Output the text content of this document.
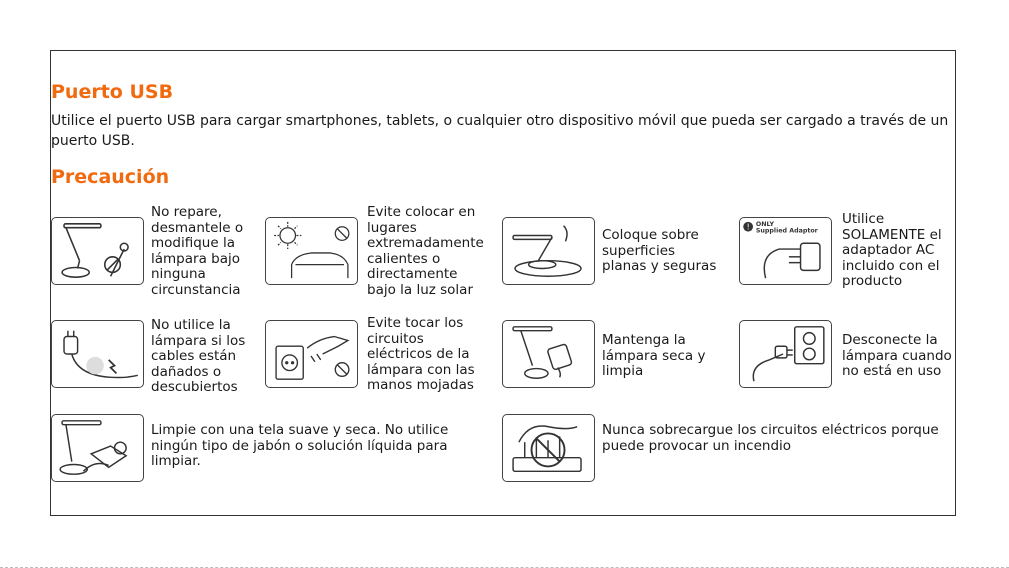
Puerto USB

Utilice el puerto USB para cargar smartphones, tablets, o cualquier otro dispositivo móvil que pueda ser cargado a través de un puerto USB.

Precaución

No repare,
desmantele o
modifique la
lámpara bajo
ninguna
circunstancia

Evite colocar en
lugares
extremadamente
calientes o
directamente
bajo la luz solar

Coloque sobre
superficies
planas y seguras

! ONLY
Supplied Adaptor

Utilice
SOLAMENTE el
adaptador AC
incluido con el
producto

No utilice la
lámpara si los
cables están
dañados o
descubiertos

Evite tocar los
circuitos
eléctricos de la
lámpara con las
manos mojadas

Mantenga la
lámpara seca y
limpia

Desconecte la
lámpara cuando
no está en uso

Limpie con una tela suave y seca. No utilice
ningún tipo de jabón o solución líquida para
limpiar.

Nunca sobrecargue los circuitos eléctricos porque
puede provocar un incendio
